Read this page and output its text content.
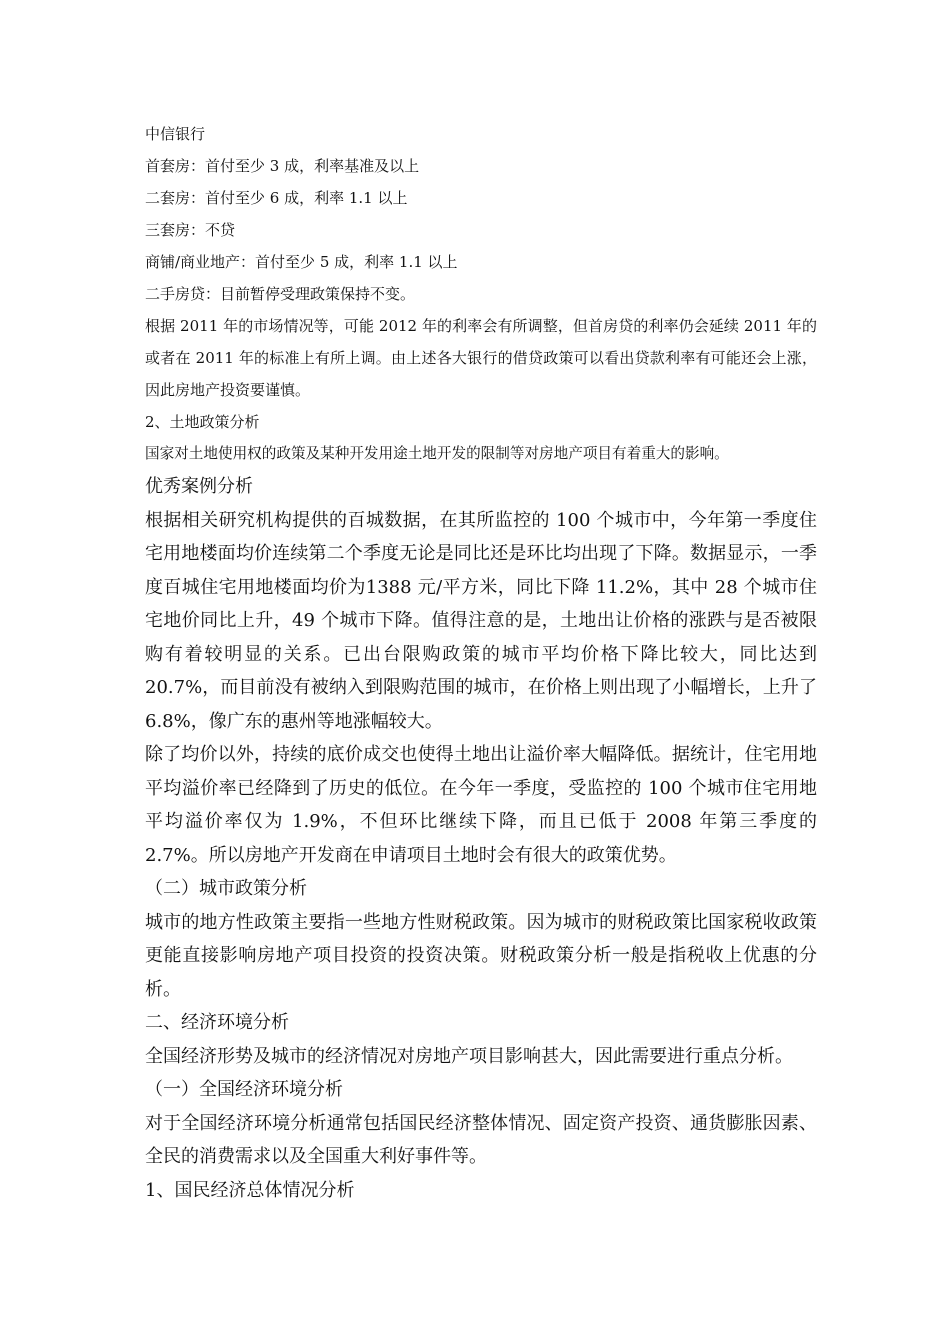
中信银行

首套房：首付至少 3 成，利率基准及以上

二套房：首付至少 6 成，利率 1.1 以上

三套房：不贷

商铺/商业地产：首付至少 5 成，利率 1.1 以上

二手房贷：目前暂停受理政策保持不变。

根据 2011 年的市场情况等，可能 2012 年的利率会有所调整，但首房贷的利率仍会延续 2011 年的或者在 2011 年的标准上有所上调。由上述各大银行的借贷政策可以看出贷款利率有可能还会上涨，因此房地产投资要谨慎。

2、土地政策分析

国家对土地使用权的政策及某种开发用途土地开发的限制等对房地产项目有着重大的影响。

优秀案例分析

根据相关研究机构提供的百城数据，在其所监控的 100 个城市中，今年第一季度住宅用地楼面均价连续第二个季度无论是同比还是环比均出现了下降。数据显示，一季度百城住宅用地楼面均价为1388 元/平方米，同比下降 11.2%，其中 28 个城市住宅地价同比上升，49 个城市下降。值得注意的是，土地出让价格的涨跌与是否被限购有着较明显的关系。已出台限购政策的城市平均价格下降比较大，同比达到 20.7%，而目前没有被纳入到限购范围的城市，在价格上则出现了小幅增长，上升了 6.8%，像广东的惠州等地涨幅较大。

除了均价以外，持续的底价成交也使得土地出让溢价率大幅降低。据统计，住宅用地平均溢价率已经降到了历史的低位。在今年一季度，受监控的 100 个城市住宅用地平均溢价率仅为 1.9%，不但环比继续下降，而且已低于 2008 年第三季度的 2.7%。所以房地产开发商在申请项目土地时会有很大的政策优势。

（二）城市政策分析

城市的地方性政策主要指一些地方性财税政策。因为城市的财税政策比国家税收政策更能直接影响房地产项目投资的投资决策。财税政策分析一般是指税收上优惠的分析。

二、经济环境分析

全国经济形势及城市的经济情况对房地产项目影响甚大，因此需要进行重点分析。

（一）全国经济环境分析

对于全国经济环境分析通常包括国民经济整体情况、固定资产投资、通货膨胀因素、全民的消费需求以及全国重大利好事件等。

1、国民经济总体情况分析
